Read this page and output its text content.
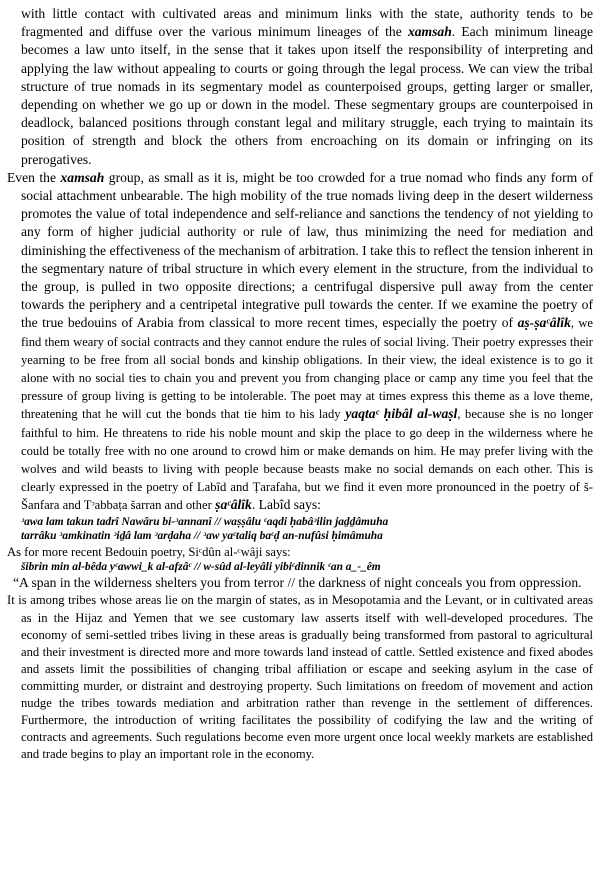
with little contact with cultivated areas and minimum links with the state, authority tends to be fragmented and diffuse over the various minimum lineages of the xamsah. Each minimum lineage becomes a law unto itself, in the sense that it takes upon itself the responsibility of interpreting and applying the law without appealing to courts or going through the legal process. We can view the tribal structure of true nomads in its segmentary model as counterpoised groups, getting larger or smaller, depending on whether we go up or down in the model. These segmentary groups are counterpoised in deadlock, balanced positions through constant legal and military struggle, each trying to maintain its position of strength and block the others from encroaching on its domain or infringing on its prerogatives.

Even the xamsah group, as small as it is, might be too crowded for a true nomad who finds any form of social attachment unbearable. The high mobility of the true nomads living deep in the desert wilderness promotes the value of total independence and self-reliance and sanctions the tendency of not yielding to any form of higher judicial authority or rule of law, thus minimizing the need for mediation and diminishing the effectiveness of the mechanism of arbitration. I take this to reflect the tension inherent in the segmentary nature of tribal structure in which every element in the structure, from the individual to the group, is pulled in two opposite directions; a centrifugal dispersive pull away from the center towards the periphery and a centripetal integrative pull towards the center. If we examine the poetry of the true bedouins of Arabia from classical to more recent times, especially the poetry of aṣ-ṣaᶜâlîk, we find them weary of social contracts and they cannot endure the rules of social living. Their poetry expresses their yearning to be free from all social bonds and kinship obligations. In their view, the ideal existence is to go it alone with no social ties to chain you and prevent you from changing place or camp any time you feel that the pressure of group living is getting to be intolerable. The poet may at times express this theme as a love theme, threatening that he will cut the bonds that tie him to his lady yaqtaᶜ ḥibâl al-waṣl, because she is no longer faithful to him. He threatens to ride his noble mount and skip the place to go deep in the wilderness where he could be totally free with no one around to crowd him or make demands on him. He may prefer living with the wolves and wild beasts to living with people because beasts make no social demands on each other. This is clearly expressed in the poetry of Labîd and Ṭarafaha, but we find it even more pronounced in the poetry of š-Šanfara and Tᵓabbaṭa šarran and other ṣaᶜâlîk. Labîd says:

ᵓawa lam takun tadrî Nawâru bi-ᵓannanî // waṣṣâlu ᶜaqdi ḥabâᵓilin jaḏḏâmuha

tarrâku ᵓamkinatin ᵓiḏâ lam ᵓarḍaha // ᵓaw yaᶜtaliq baᶜḍ an-nufûsi ḥimâmuha

As for more recent Bedouin poetry, Siᶜdûn al-ᶜwâji says:

šibrin min al-bêda yᶜawwi_k al-afzâᶜ // w-sûd al-leyâli yibiᶜdinnik ᶜan a_-_êm

“A span in the wilderness shelters you from terror // the darkness of night conceals you from oppression.

It is among tribes whose areas lie on the margin of states, as in Mesopotamia and the Levant, or in cultivated areas as in the Hijaz and Yemen that we see customary law asserts itself with well-developed procedures. The economy of semi-settled tribes living in these areas is gradually being transformed from pastoral to agricultural and their investment is directed more and more towards land instead of cattle. Settled existence and fixed abodes and assets limit the possibilities of changing tribal affiliation or escape and seeking asylum in the case of committing murder, or distraint and destroying property. Such limitations on freedom of movement and action nudge the tribes towards mediation and arbitration rather than revenge in the settlement of differences. Furthermore, the introduction of writing facilitates the possibility of codifying the law and the writing of contracts and agreements. Such regulations become even more urgent once local weekly markets are established and trade begins to play an important role in the economy.
